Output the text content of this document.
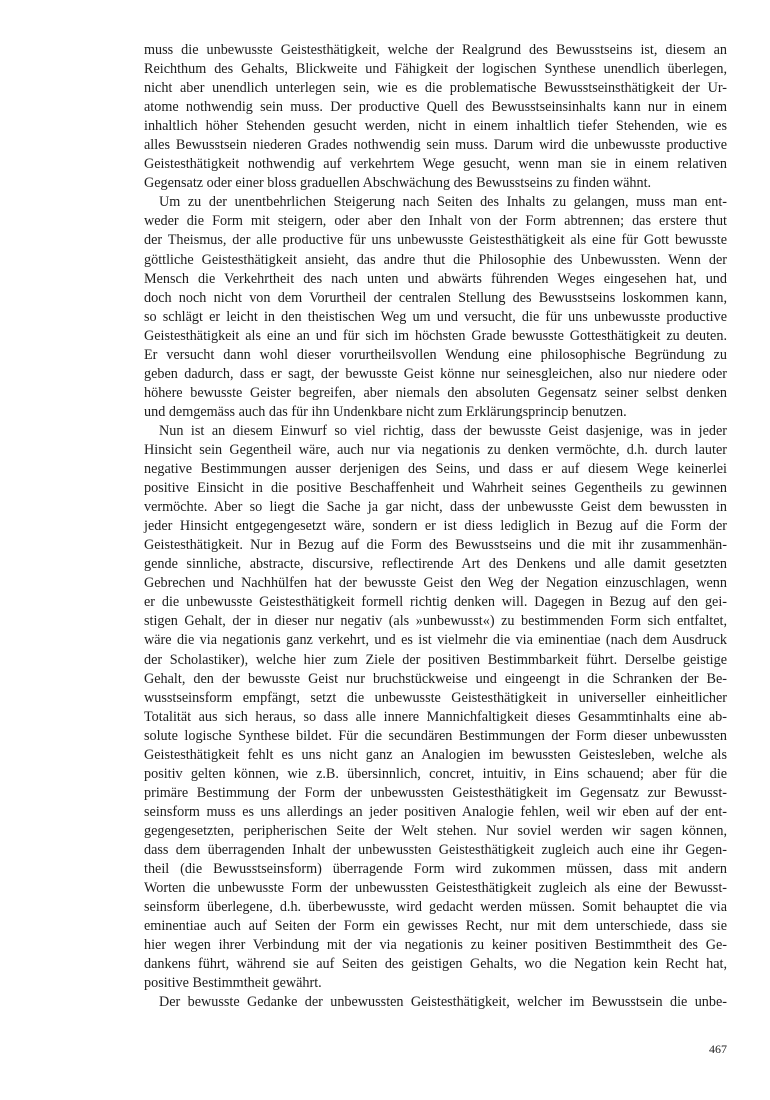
muss die unbewusste Geistesthätigkeit, welche der Realgrund des Bewusstseins ist, diesem an
Reichthum des Gehalts, Blickweite und Fähigkeit der logischen Synthese unendlich überlegen,
nicht aber unendlich unterlegen sein, wie es die problematische Bewusstseinsthätigkeit der Ur-
atome nothwendig sein muss. Der productive Quell des Bewusstseinsinhalts kann nur in einem
inhaltlich höher Stehenden gesucht werden, nicht in einem inhaltlich tiefer Stehenden, wie es
alles Bewusstsein niederen Grades nothwendig sein muss. Darum wird die unbewusste productive
Geistesthätigkeit nothwendig auf verkehrtem Wege gesucht, wenn man sie in einem relativen
Gegensatz oder einer bloss graduellen Abschwächung des Bewusstseins zu finden wähnt.
Um zu der unentbehrlichen Steigerung nach Seiten des Inhalts zu gelangen, muss man ent-
weder die Form mit steigern, oder aber den Inhalt von der Form abtrennen; das erstere thut
der Theismus, der alle productive für uns unbewusste Geistesthätigkeit als eine für Gott bewusste
göttliche Geistesthätigkeit ansieht, das andre thut die Philosophie des Unbewussten. Wenn der
Mensch die Verkehrtheit des nach unten und abwärts führenden Weges eingesehen hat, und
doch noch nicht von dem Vorurtheil der centralen Stellung des Bewusstseins loskommen kann,
so schlägt er leicht in den theistischen Weg um und versucht, die für uns unbewusste productive
Geistesthätigkeit als eine an und für sich im höchsten Grade bewusste Gottesthätigkeit zu deuten.
Er versucht dann wohl dieser vorurtheilsvollen Wendung eine philosophische Begründung zu
geben dadurch, dass er sagt, der bewusste Geist könne nur seinesgleichen, also nur niedere oder
höhere bewusste Geister begreifen, aber niemals den absoluten Gegensatz seiner selbst denken
und demgemäss auch das für ihn Undenkbare nicht zum Erklärungsprincip benutzen.
Nun ist an diesem Einwurf so viel richtig, dass der bewusste Geist dasjenige, was in jeder
Hinsicht sein Gegentheil wäre, auch nur via negationis zu denken vermöchte, d.h. durch lauter
negative Bestimmungen ausser derjenigen des Seins, und dass er auf diesem Wege keinerlei
positive Einsicht in die positive Beschaffenheit und Wahrheit seines Gegentheils zu gewinnen
vermöchte. Aber so liegt die Sache ja gar nicht, dass der unbewusste Geist dem bewussten in
jeder Hinsicht entgegengesetzt wäre, sondern er ist diess lediglich in Bezug auf die Form der
Geistesthätigkeit. Nur in Bezug auf die Form des Bewusstseins und die mit ihr zusammenhän-
gende sinnliche, abstracte, discursive, reflectirende Art des Denkens und alle damit gesetzten
Gebrechen und Nachhülfen hat der bewusste Geist den Weg der Negation einzuschlagen, wenn
er die unbewusste Geistesthätigkeit formell richtig denken will. Dagegen in Bezug auf den gei-
stigen Gehalt, der in dieser nur negativ (als »unbewusst«) zu bestimmenden Form sich entfaltet,
wäre die via negationis ganz verkehrt, und es ist vielmehr die via eminentiae (nach dem Ausdruck
der Scholastiker), welche hier zum Ziele der positiven Bestimmbarkeit führt. Derselbe geistige
Gehalt, den der bewusste Geist nur bruchstückweise und eingeengt in die Schranken der Be-
wusstseinsform empfängt, setzt die unbewusste Geistesthätigkeit in universeller einheitlicher
Totalität aus sich heraus, so dass alle innere Mannichfaltigkeit dieses Gesammtinhalts eine ab-
solute logische Synthese bildet. Für die secundären Bestimmungen der Form dieser unbewussten
Geistesthätigkeit fehlt es uns nicht ganz an Analogien im bewussten Geistesleben, welche als
positiv gelten können, wie z.B. übersinnlich, concret, intuitiv, in Eins schauend; aber für die
primäre Bestimmung der Form der unbewussten Geistesthätigkeit im Gegensatz zur Bewusst-
seinsform muss es uns allerdings an jeder positiven Analogie fehlen, weil wir eben auf der ent-
gegengesetzten, peripherischen Seite der Welt stehen. Nur soviel werden wir sagen können,
dass dem überragenden Inhalt der unbewussten Geistesthätigkeit zugleich auch eine ihr Gegen-
theil (die Bewusstseinsform) überragende Form wird zukommen müssen, dass mit andern
Worten die unbewusste Form der unbewussten Geistesthätigkeit zugleich als eine der Bewusst-
seinsform überlegene, d.h. überbewusste, wird gedacht werden müssen. Somit behauptet die via
eminentiae auch auf Seiten der Form ein gewisses Recht, nur mit dem unterschiede, dass sie
hier wegen ihrer Verbindung mit der via negationis zu keiner positiven Bestimmtheit des Ge-
dankens führt, während sie auf Seiten des geistigen Gehalts, wo die Negation kein Recht hat,
positive Bestimmtheit gewährt.
Der bewusste Gedanke der unbewussten Geistesthätigkeit, welcher im Bewusstsein die unbe-
467
